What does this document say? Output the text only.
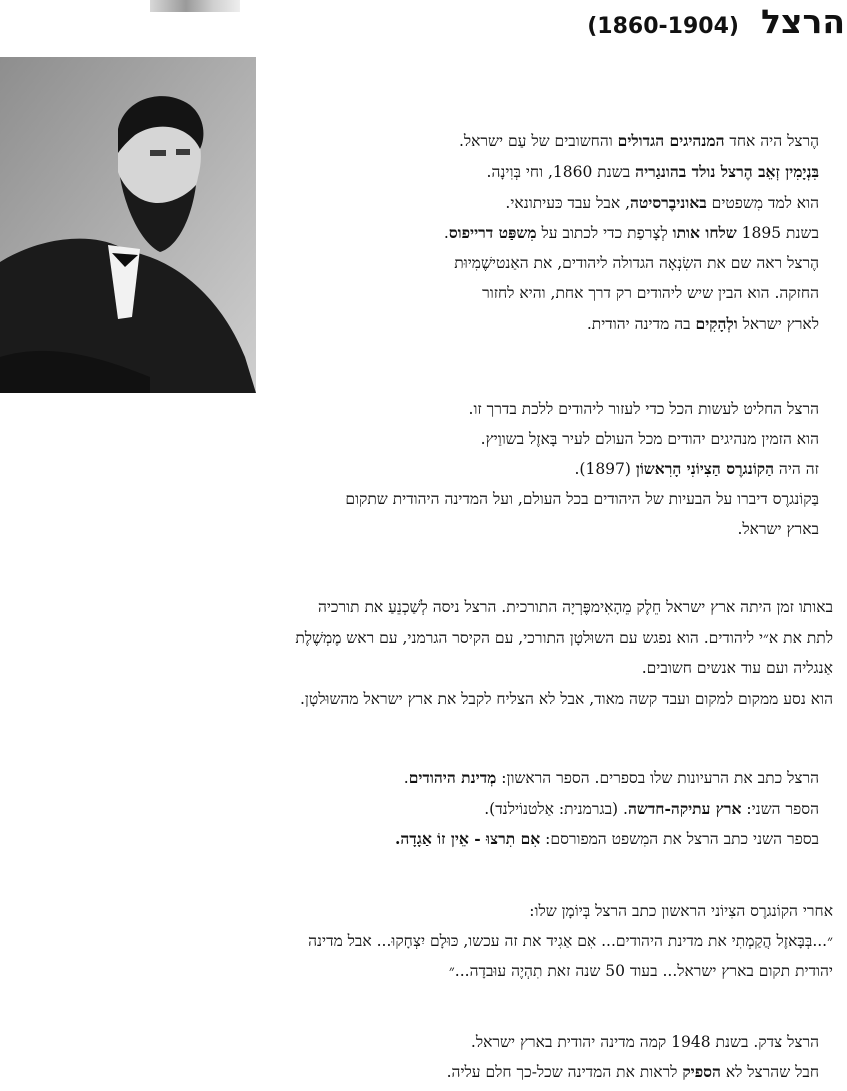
הרצל
(1860-1904)
הֶרצל היה אחד המנהיגים הגדולים והחשובים של עַם ישראל.
בִּנְיָמִין זְאֵב הֶרצל נולד בהונגַריה בשנת 1860, וחי בְּוִינָה.
הוא למד מִשפטים באוניבֶרסיטה, אבל עבד כּעיתונאי.
בשנת 1895 שלחו אותו לְצָרפַת כדי לכתוב על מִשפַּט דרייפוס.
הֶרצל ראה שם את השִׂנְאָה הגדולה ליהודים, את האַנטישֶׁמִיוּת
החזקה. הוא הבין שיש ליהודים רק דרך אחת, והיא לחזור
לארץ ישראל ולְהָקִים בה מדינה יהודית.
הרצל החליט לעשות הכל כדי לעזור ליהודים ללכת בדרך זו.
הוא הזמין מנהיגים יהודים מכל העולם לעיר בָּאזֶל בשווַיץ.
זה היה הַקוֹנגרֶס הַצִיוֹנִי הָרִאשוֹן (1897).
בַּקוֹנגרֶס דיברו על הבעיות של היהודים בכל העולם, ועל המדינה היהודית שתקום
בארץ ישראל.
באותו זמן היתה ארץ ישראל חֵלֶק מֵהָאִימפֶּרְיָה התורכית. הרצל ניסה לְשַׁכְנֵעַ את תורכיה
לתת את א״י ליהודים. הוא נפגש עם השוּלטָן התורכי, עם הקיסר הגרמני, עם ראש מֶמְשֶׁלֶת
אַנגליה ועם עוד אנשים חשובים.
הוא נסע ממקום למקום ועבד קשה מאוד, אבל לא הצליח לקבל את ארץ ישראל מהשוּלטָן.
הרצל כתב את הרעיונות שלו בספרים. הספר הראשון: מְדינת היהודים.
הספר השני: ארץ עתיקה-חדשה. (בגרמנית: אַלטנוֹילנד).
בספר השני כתב הרצל את המִשפט המפורסם: אִם תִרצוּ - אֵין זוֹ אַגָדָה.
אחרי הקוֹנגרֶס הצִיוֹני הראשון כתב הרצל בְּיוֹמָן שלו:
״...בְּבָּאזֶל הֲקַמְתִי את מדינת היהודים... אִם אַגִיד את זה עכשו, כּוּלָם יִצְחָקוּ... אבל מדינה
יהודית תקום בארץ ישראל... בעוד 50 שנה זאת תִהְיֶה עוּבדָה...״
הרצל צדק. בשנת 1948 קמה מדינה יהודית בארץ ישראל.
חבל שהרצל לא הספיק לראות את המדינה שכל-כך חלם עליה.
